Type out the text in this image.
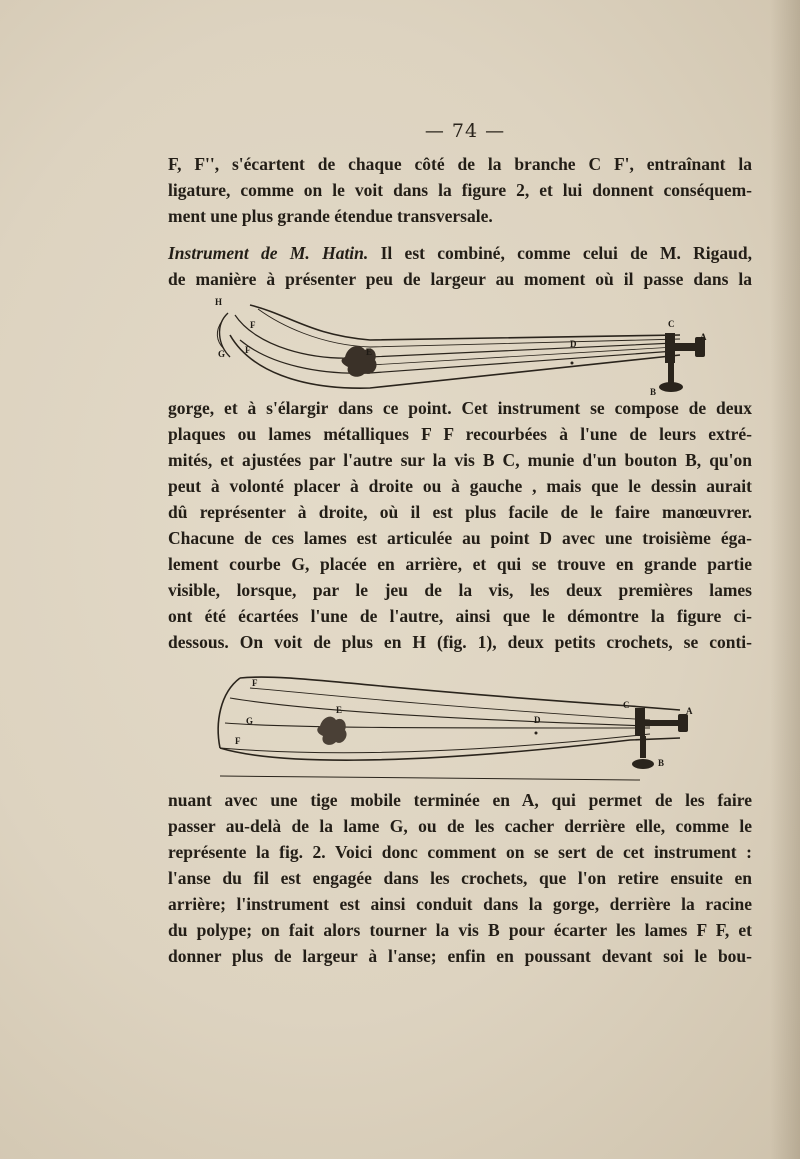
— 74 —
F, F'', s'écartent de chaque côté de la branche C F', entraînant la
ligature, comme on le voit dans la figure 2, et lui donnent conséquem-
ment une plus grande étendue transversale.
Instrument de M. Hatin. Il est combiné, comme celui de M. Rigaud,
de manière à présenter peu de largeur au moment où il passe dans la
H
F
F
G	E
D
C
A
B
gorge, et à s'élargir dans ce point. Cet instrument se compose de deux
plaques ou lames métalliques F F recourbées à l'une de leurs extré-
mités, et ajustées par l'autre sur la vis B C, munie d'un bouton B, qu'on
peut à volonté placer à droite ou à gauche , mais que le dessin aurait
dû représenter à droite, où il est plus facile de le faire manœuvrer.
Chacune de ces lames est articulée au point D avec une troisième éga-
lement courbe G, placée en arrière, et qui se trouve en grande partie
visible, lorsque, par le jeu de la vis, les deux premières lames
ont été écartées l'une de l'autre, ainsi que le démontre la figure ci-
dessous. On voit de plus en H (fig. 1), deux petits crochets, se conti-
F
G
F
E
D
C
A
B
nuant avec une tige mobile terminée en A, qui permet de les faire
passer au-delà de la lame G, ou de les cacher derrière elle, comme le
représente la fig. 2. Voici donc comment on se sert de cet instrument :
l'anse du fil est engagée dans les crochets, que l'on retire ensuite en
arrière; l'instrument est ainsi conduit dans la gorge, derrière la racine
du polype; on fait alors tourner la vis B pour écarter les lames F F, et
donner plus de largeur à l'anse; enfin en poussant devant soi le bou-
